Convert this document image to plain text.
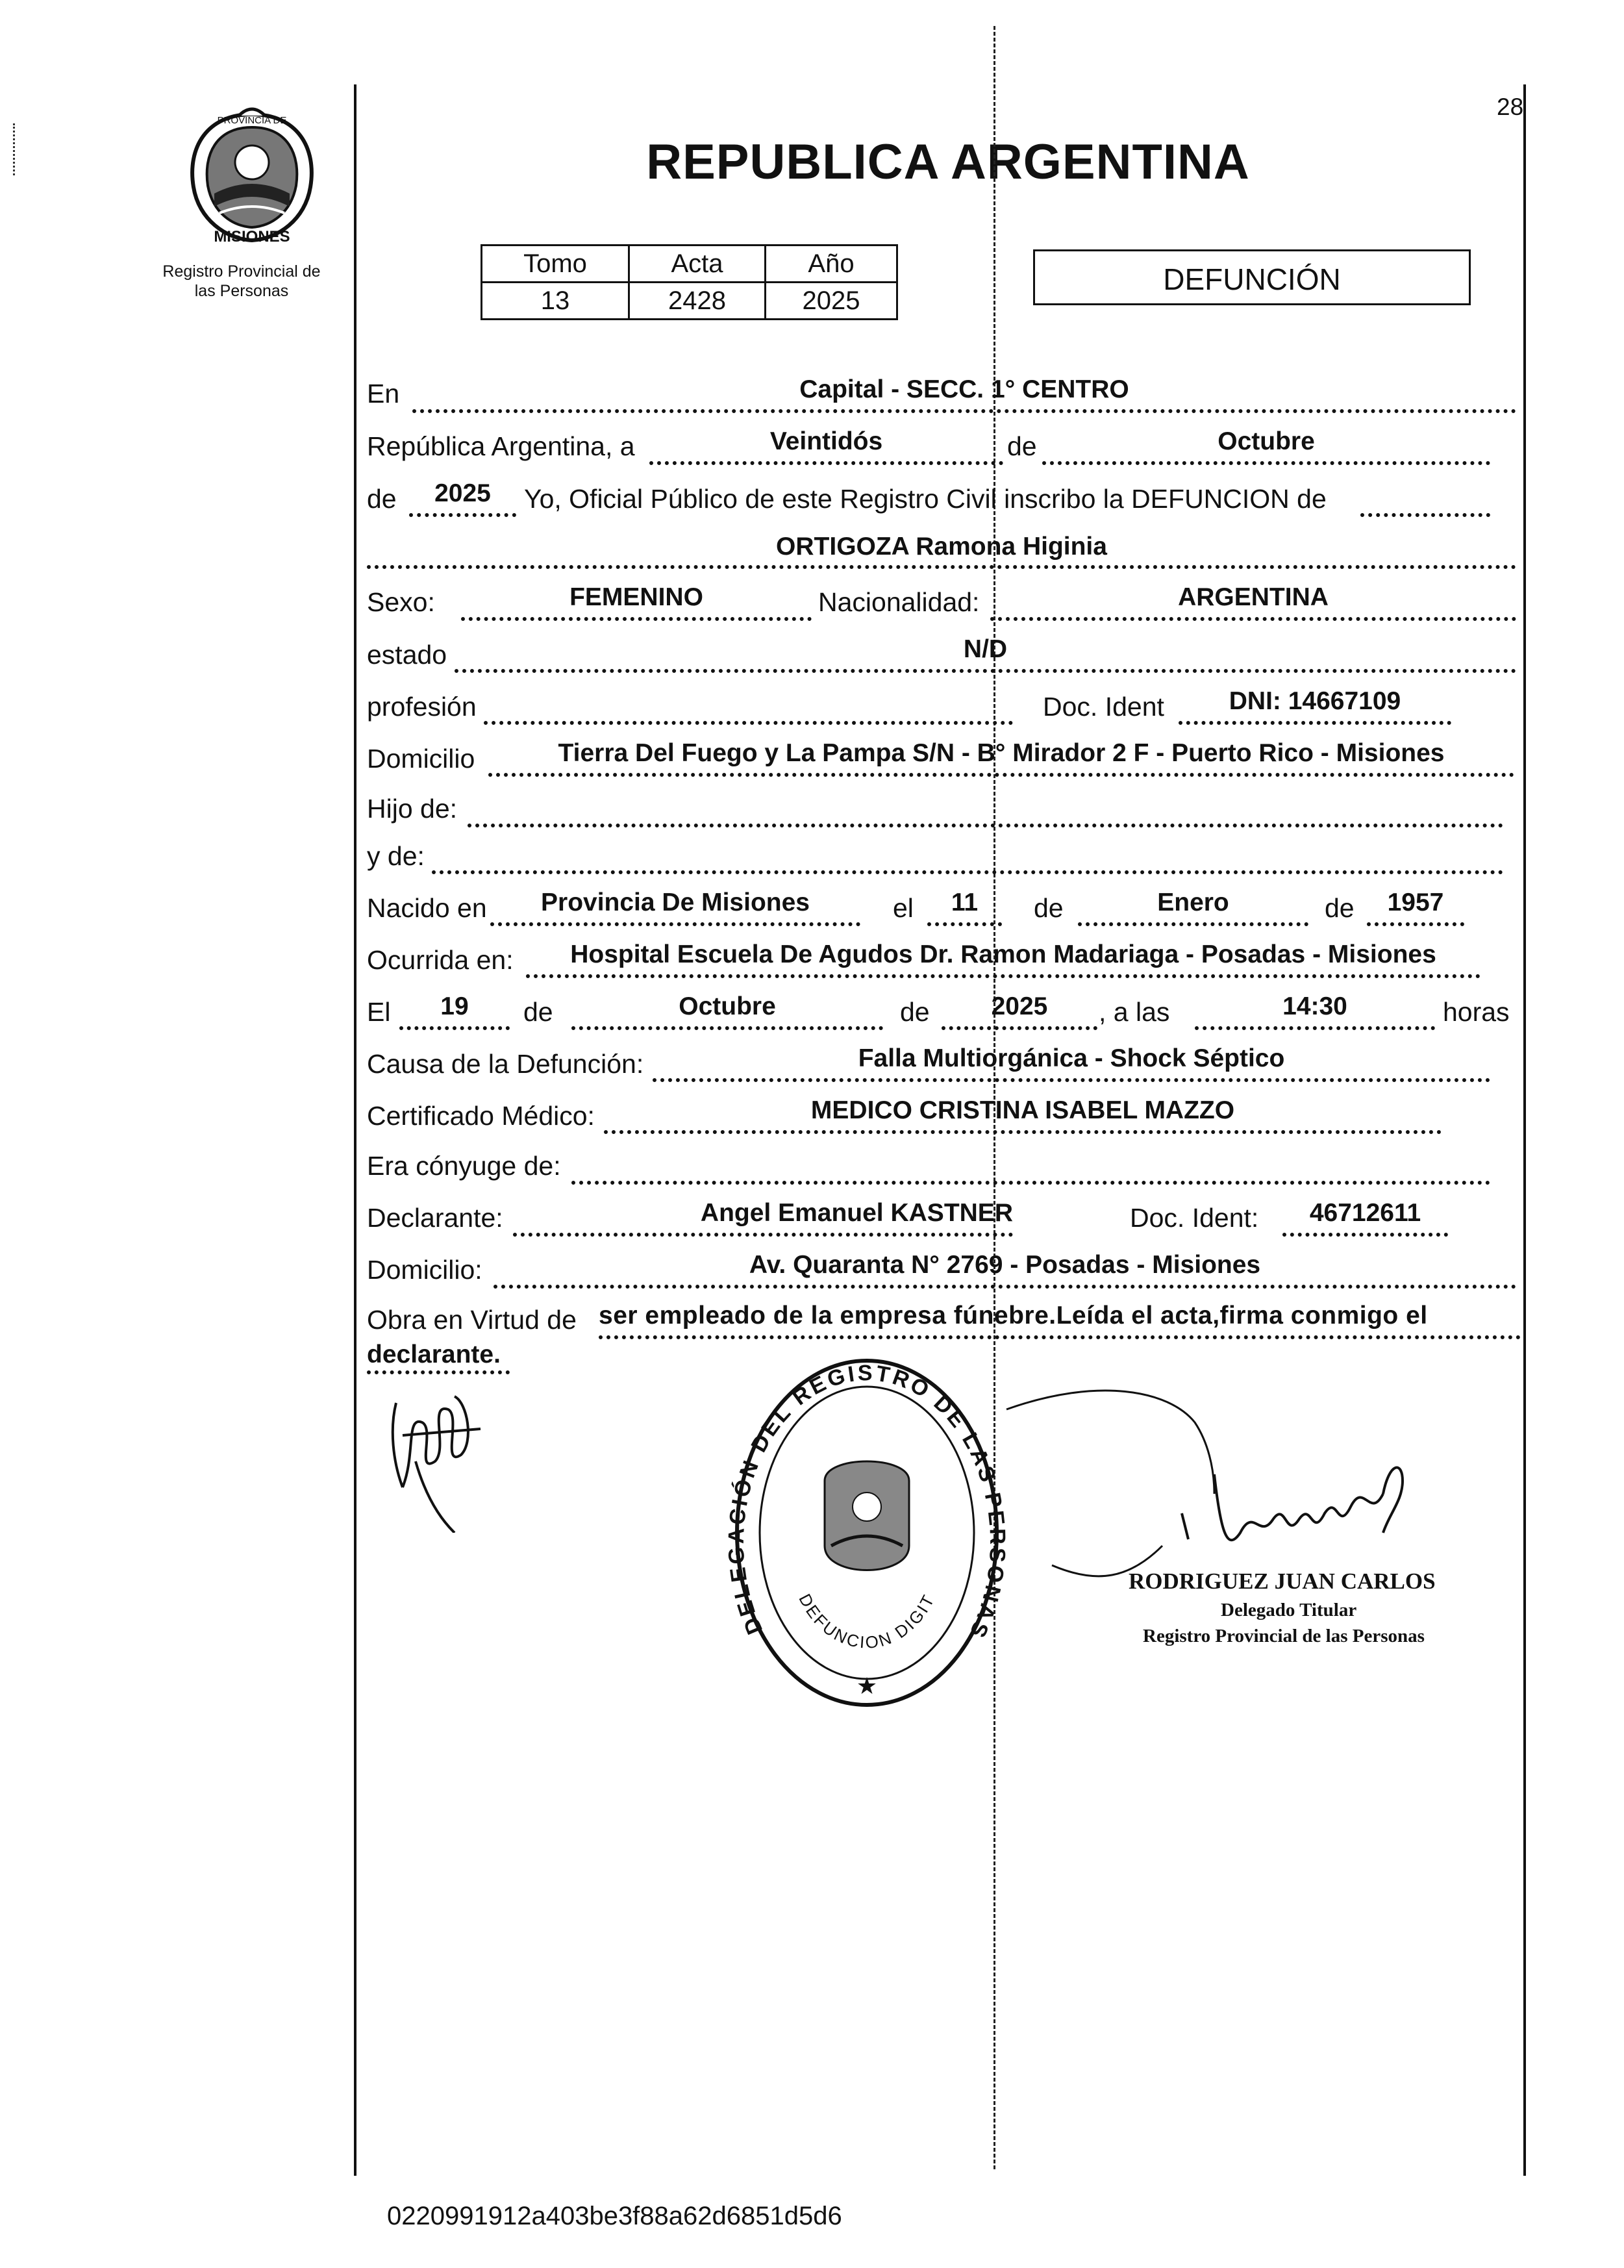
28
PROVINCIA DE
MISIONES
Registro Provincial de
las Personas
REPUBLICA ARGENTINA
Tomo	Acta	Año
13	2428	2025
DEFUNCIÓN
En	Capital - SECC. 1° CENTRO
República Argentina, a	Veintidós	de	Octubre
de	2025	Yo, Oficial Público de este Registro Civil inscribo la DEFUNCION de
ORTIGOZA Ramona Higinia
Sexo:	FEMENINO	Nacionalidad:	ARGENTINA
estado	N/D
profesión	Doc. Ident	DNI: 14667109
Domicilio	Tierra Del Fuego y La Pampa S/N - B° Mirador 2 F - Puerto Rico - Misiones
Hijo de:
y de:
Nacido en	Provincia De Misiones	el	11	de	Enero	de	1957
Ocurrida en:	Hospital Escuela De Agudos Dr. Ramon Madariaga - Posadas - Misiones
El	19	de	Octubre	de	2025	, a las	14:30	horas
Causa de la Defunción:	Falla Multiorgánica - Shock Séptico
Certificado Médico:	MEDICO CRISTINA ISABEL MAZZO
Era cónyuge de:
Declarante:	Angel Emanuel KASTNER	Doc. Ident:	46712611
Domicilio:	Av. Quaranta N° 2769 - Posadas - Misiones
Obra en Virtud de ser empleado de la empresa fúnebre.Leída el acta,firma conmigo el
declarante.
DELE CIÓN DEL REGISTRO DE LAS P ONAS
DEFUNCION DIGIT
★
RODRIGUEZ JUAN CARLOS
Delegado Titular
Registro Provincial de las Personas
0220991912a403be3f88a62d6851d5d6
